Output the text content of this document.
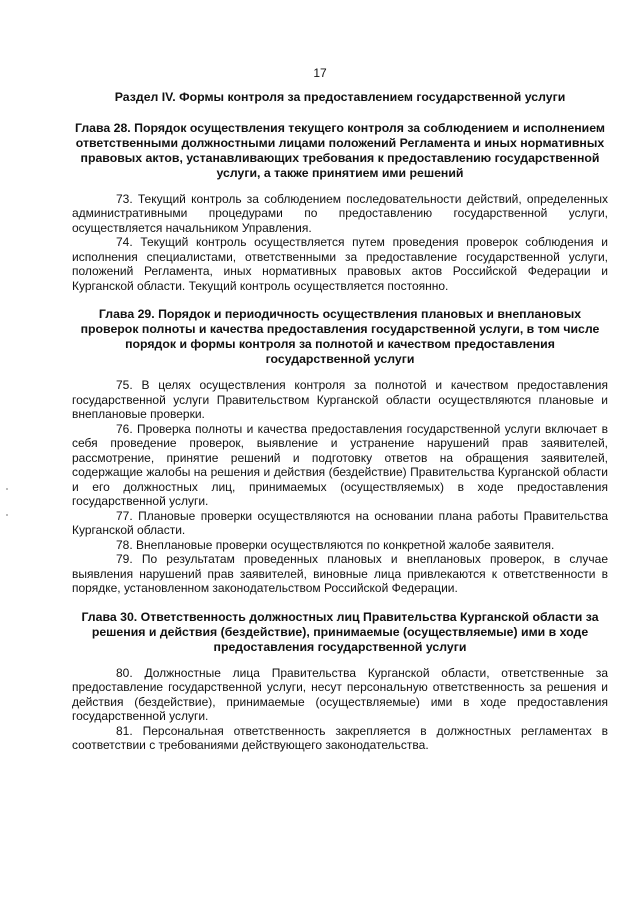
17
Раздел IV. Формы контроля за предоставлением государственной услуги
Глава 28. Порядок осуществления текущего контроля за соблюдением и исполнением ответственными должностными лицами положений Регламента и иных нормативных правовых актов, устанавливающих требования к предоставлению государственной услуги, а также принятием ими решений

73. Текущий контроль за соблюдением последовательности действий, определенных административными процедурами по предоставлению государственной услуги, осуществляется начальником Управления.

74. Текущий контроль осуществляется путем проведения проверок соблюдения и исполнения специалистами, ответственными за предоставление государственной услуги, положений Регламента, иных нормативных правовых актов Российской Федерации и Курганской области. Текущий контроль осуществляется постоянно.

Глава 29. Порядок и периодичность осуществления плановых и внеплановых проверок полноты и качества предоставления государственной услуги, в том числе порядок и формы контроля за полнотой и качеством предоставления государственной услуги

75. В целях осуществления контроля за полнотой и качеством предоставления государственной услуги Правительством Курганской области осуществляются плановые и внеплановые проверки.

76. Проверка полноты и качества предоставления государственной услуги включает в себя проведение проверок, выявление и устранение нарушений прав заявителей, рассмотрение, принятие решений и подготовку ответов на обращения заявителей, содержащие жалобы на решения и действия (бездействие) Правительства Курганской области и его должностных лиц, принимаемых (осуществляемых) в ходе предоставления государственной услуги.

77. Плановые проверки осуществляются на основании плана работы Правительства Курганской области.

78. Внеплановые проверки осуществляются по конкретной жалобе заявителя.

79. По результатам проведенных плановых и внеплановых проверок, в случае выявления нарушений прав заявителей, виновные лица привлекаются к ответственности в порядке, установленном законодательством Российской Федерации.

Глава 30. Ответственность должностных лиц Правительства Курганской области за решения и действия (бездействие), принимаемые (осуществляемые) ими в ходе предоставления государственной услуги

80. Должностные лица Правительства Курганской области, ответственные за предоставление государственной услуги, несут персональную ответственность за решения и действия (бездействие), принимаемые (осуществляемые) ими в ходе предоставления государственной услуги.

81. Персональная ответственность закрепляется в должностных регламентах в соответствии с требованиями действующего законодательства.
